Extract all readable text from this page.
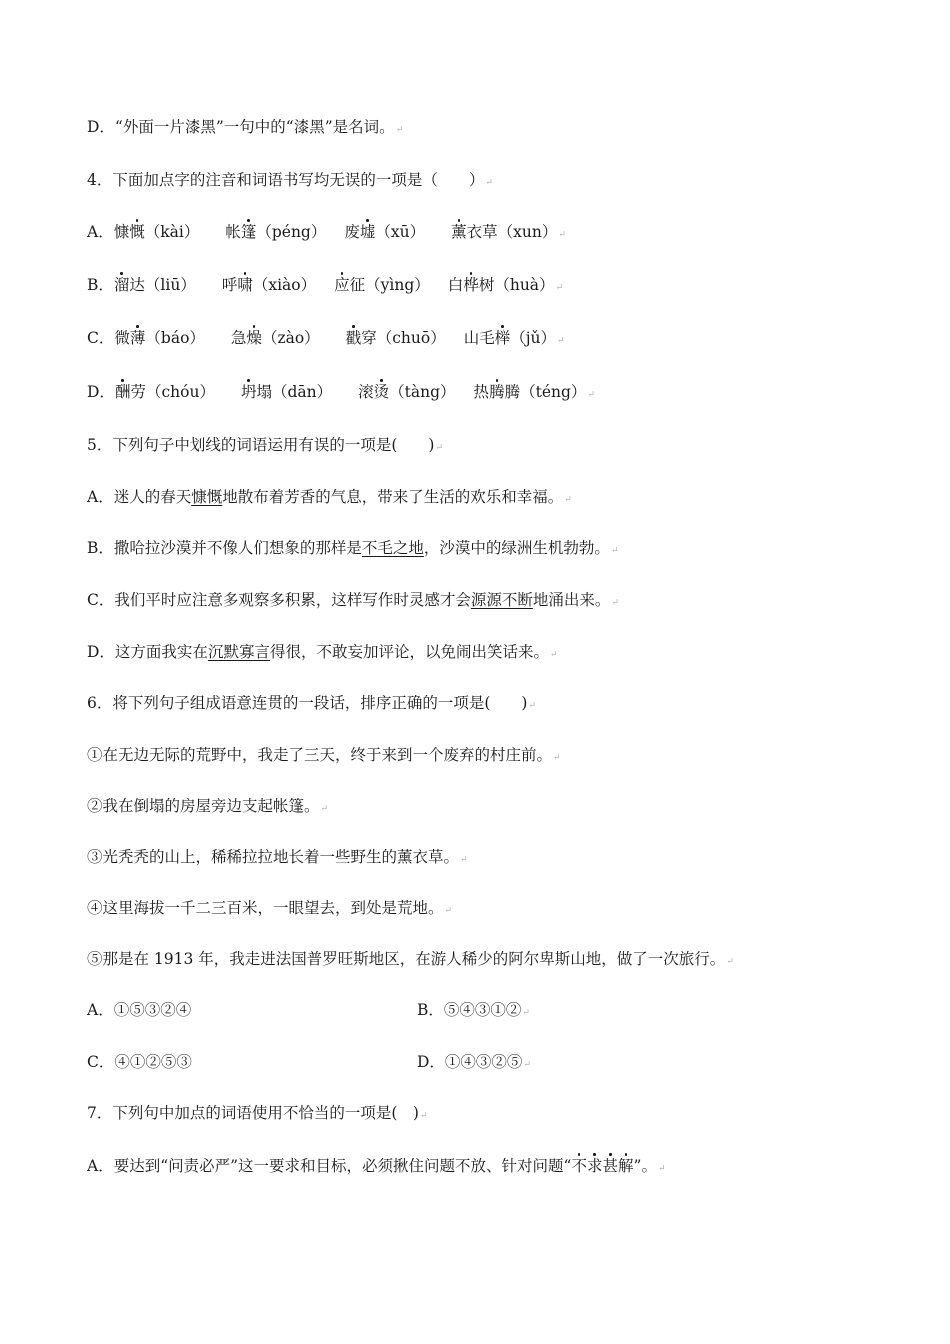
D．“外面一片漆黑”一句中的“漆黑”是名词。↵
4．下面加点字的注音和词语书写均无误的一项是（　　）↵
A．慷慨（kài） 帐篷（péng） 废墟（xū） 薰衣草（xun）↵
B．溜达（liū） 呼啸（xiào） 应征（yìng） 白桦树（huà）↵
C．微薄（báo） 急燥（zào） 戳穿（chuō） 山毛榉（jǔ）↵
D．酬劳（chóu） 坍塌（dān） 滚烫（tàng） 热腾腾（téng）↵
5．下列句子中划线的词语运用有误的一项是(　　)↵
A．迷人的春天慷慨地散布着芳香的气息，带来了生活的欢乐和幸福。↵
B．撒哈拉沙漠并不像人们想象的那样是不毛之地，沙漠中的绿洲生机勃勃。↵
C．我们平时应注意多观察多积累，这样写作时灵感才会源源不断地涌出来。↵
D．这方面我实在沉默寡言得很，不敢妄加评论，以免闹出笑话来。↵
6．将下列句子组成语意连贯的一段话，排序正确的一项是(　　)↵
①在无边无际的荒野中，我走了三天，终于来到一个废弃的村庄前。↵
②我在倒塌的房屋旁边支起帐篷。↵
③光秃秃的山上，稀稀拉拉地长着一些野生的薰衣草。↵
④这里海拔一千二三百米，一眼望去，到处是荒地。↵
⑤那是在 1913 年，我走进法国普罗旺斯地区，在游人稀少的阿尔卑斯山地，做了一次旅行。↵
A．①⑤③②④	B．⑤④③①②↵
C．④①②⑤③	D．①④③②⑤↵
7．下列句中加点的词语使用不恰当的一项是(　)↵
A．要达到“问责必严”这一要求和目标，必须揪住问题不放、针对问题“不求甚解”。↵
